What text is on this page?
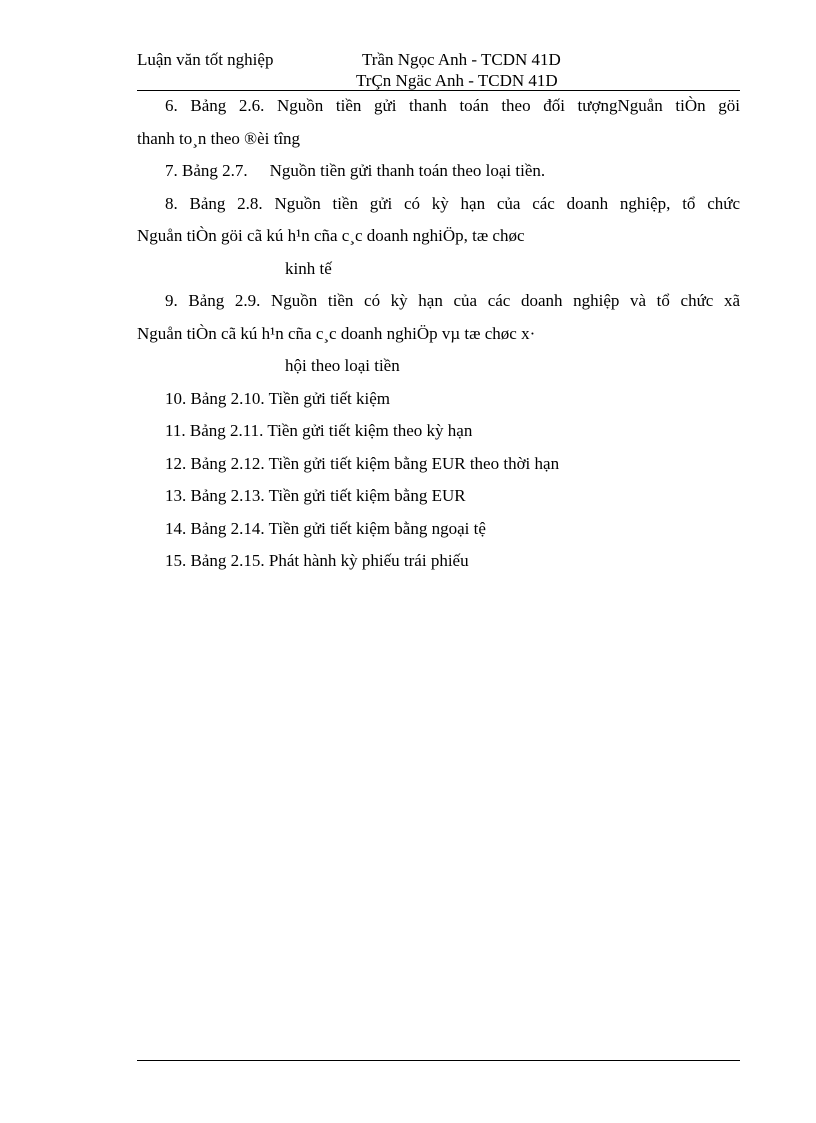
Luận văn tốt nghiệp	Trần Ngọc Anh - TCDN 41D
TrÇn Ngäc Anh - TCDN 41D
6. Bảng 2.6. Nguồn tiền gửi thanh toán theo đối tượngNguån tiÒn göi
thanh to¸n theo ®èi tîng
7. Bảng 2.7. Nguồn tiền gửi thanh toán theo loại tiền.
8. Bảng 2.8. Nguồn tiền gửi có kỳ hạn của các doanh nghiệp, tổ chức
Nguån tiÒn göi cã kú h¹n cña c¸c doanh nghiÖp, tæ chøc
kinh tế
9. Bảng 2.9. Nguồn tiền có kỳ hạn của các doanh nghiệp và tổ chức xã
Nguån tiÒn cã kú h¹n cña c¸c doanh nghiÖp vµ tæ chøc x·
hội theo loại tiền
10. Bảng 2.10. Tiền gửi tiết kiệm
11. Bảng 2.11. Tiền gửi tiết kiệm theo kỳ hạn
12. Bảng 2.12. Tiền gửi tiết kiệm bằng EUR theo thời hạn
13. Bảng 2.13. Tiền gửi tiết kiệm bằng EUR
14. Bảng 2.14. Tiền gửi tiết kiệm bằng ngoại tệ
15. Bảng 2.15. Phát hành kỳ phiếu trái phiếu
